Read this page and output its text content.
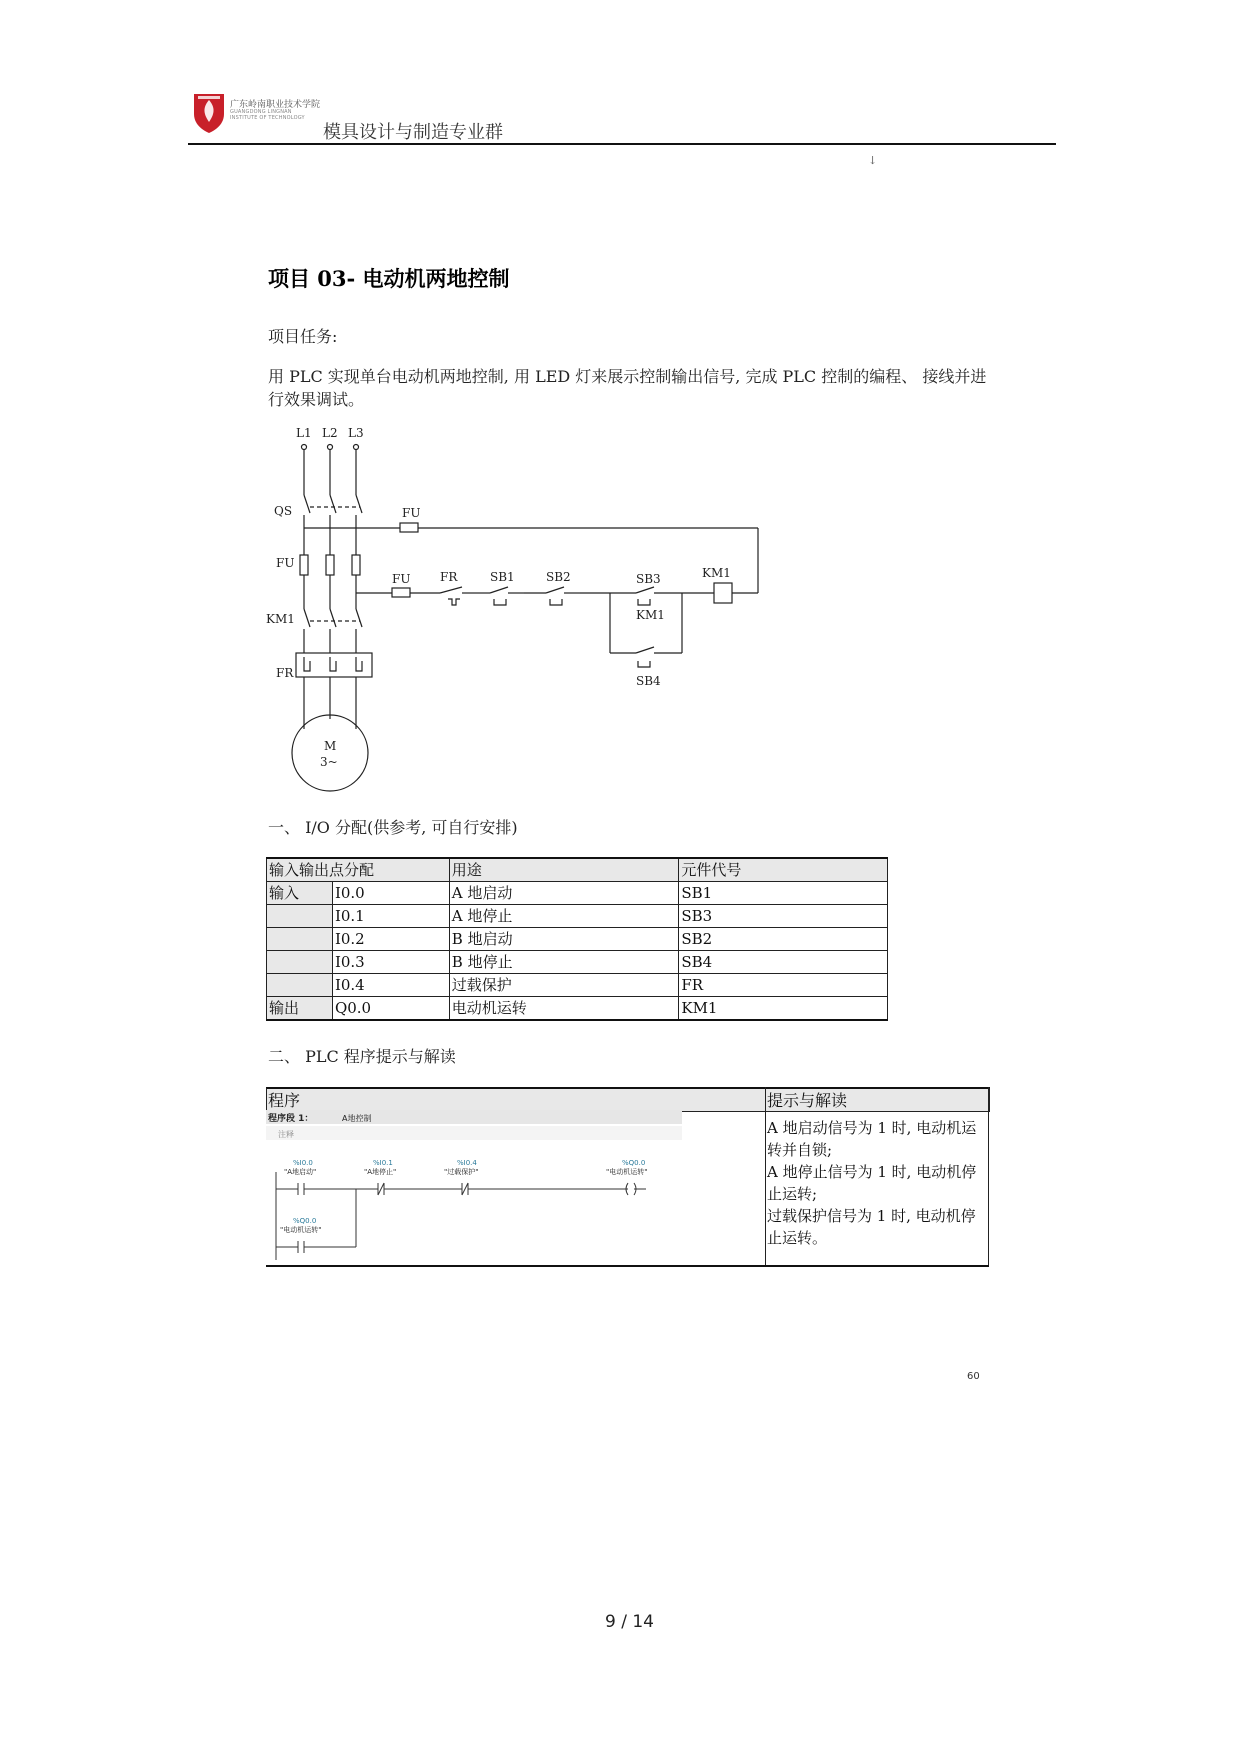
广东岭南职业技术学院
GUANGDONG LINGNAN INSTITUTE OF TECHNOLOGY
模具设计与制造专业群
↓
项目 03- 电动机两地控制
项目任务:
用 PLC 实现单台电动机两地控制, 用 LED 灯来展示控制输出信号, 完成 PLC 控制的编程、 接线并进行效果调试。
L1 L2 L3
QS
FU
KM1
FR
M
3~
FU
FU FR	SB1	SB2	SB3
KM1
SB4
KM1
一、 I/O 分配(供参考, 可自行安排)
输入输出点分配		用途	元件代号
输入	I0.0	A 地启动	SB1
	I0.1	A 地停止	SB3
	I0.2	B 地启动	SB2
	I0.3	B 地停止	SB4
	I0.4	过载保护	FR
输出	Q0.0	电动机运转	KM1
二、 PLC 程序提示与解读
程序	提示与解读
程序段 1：	A地控制
注释
%I0.0
"A地启动"
%I0.1
"A地停止"
%I0.4
"过载保护"
%Q0.0
"电动机运转"
%Q0.0
"电动机运转"
A 地启动信号为 1 时, 电动机运转并自锁;
A 地停止信号为 1 时, 电动机停止运转;
过载保护信号为 1 时, 电动机停止运转。
60
9 / 14
